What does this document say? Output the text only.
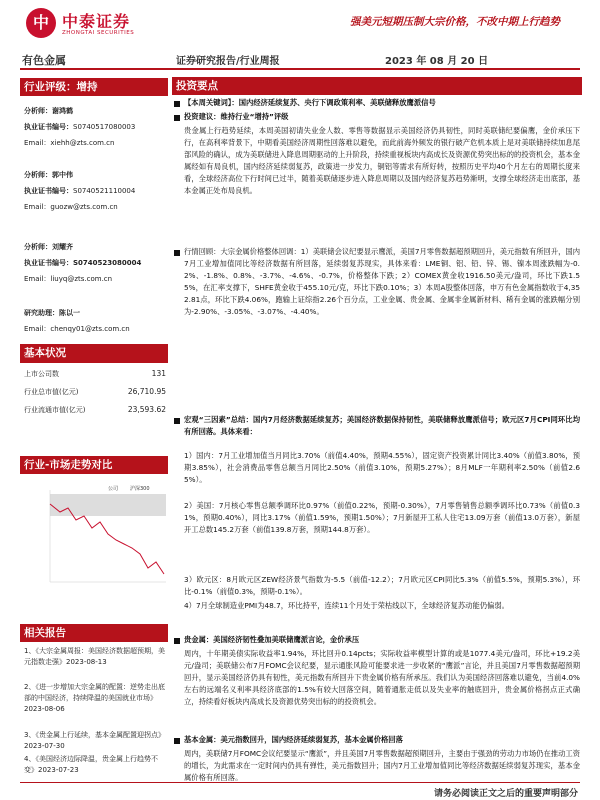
中 中泰证券
ZHONGTAI SECURITIES
强美元短期压制大宗价格，不改中期上行趋势
有色金属	证券研究报告/行业周报	2023 年 08 月 20 日
行业评级：增持
分析师：谢鸿鹤
执业证书编号：S0740517080003
Email：xiehh@zts.com.cn
分析师：郭中伟
执业证书编号：S0740521110004
Email：guozw@zts.com.cn
分析师：刘耀齐
执业证书编号：S0740523080004
Email：liuyq@zts.com.cn
研究助理：陈以一
Email：chenqy01@zts.com.cn
基本状况
上市公司数	131
行业总市值(亿元)	26,710.95
行业流通市值(亿元)	23,593.62
行业-市场走势对比
公司 沪深300
相关报告
1、《大宗金属周报：美国经济数据超预期，美元指数走强》2023-08-13
2、《进一步增加大宗金属的配置：逆势走出底部的中国经济，持续降温的美国就业市场》2023-08-06
3、《贵金属上行延续，基本金属配置迎拐点》2023-07-30
4、《美国经济边际降温，贵金属上行趋势不变》2023-07-23
投资要点
【本周关键词】：国内经济延续复苏、央行下调政策利率、美联储释放鹰派信号
投资建议：维持行业“增持”评级
贵金属上行趋势延续，本周美国初请失业金人数、零售等数据显示美国经济仍具韧性，同时美联储纪要偏鹰，金价承压下行，在高利率背景下，中期看美国经济周期性回落难以避免，而此前海外频发的银行破产危机本质上是对美联储持续加息尾部风险的确认，成为美联储进入降息周期驱动的上升阶段，持续重视板块内高成长及资源优势突出标的的投资机会，基本金属经如有局良机，国内经济延续弱复苏，政策进一步发力，铜铝等需求有所好转，按照历史平均40个月左右的周期长度来看，全球经济高位下行时间已过半，随着美联储逐步进入降息周期以及国内经济复苏趋势渐明，支撑全球经济走出底部，基本金属正处布局良机。
行情回顾：大宗金属价格整体回调：1）美联储会议纪要显示鹰派，美国7月零售数据超预期回升，美元指数有所回升，国内7月工业增加值同比等经济数据有所回落，延续弱复苏现实，具体来看：LME铜、铝、铅、锌、锡、镍本周涨跌幅为-0.2%、-1.8%、0.8%、-3.7%、-4.6%、-0.7%，价格整体下跌；2）COMEX黄金收1916.50美元/盎司，环比下跌1.55%，在汇率支撑下，SHFE黄金收于455.10元/克，环比下跌0.10%；3）本周A股整体回落，申万有色金属指数收于4,352.81点，环比下跌4.06%，跑输上证综指2.26个百分点，工业金属、贵金属、金属非金属新材料、稀有金属的涨跌幅分别为-2.90%、-3.05%、-3.07%、-4.40%。
宏观“三因素”总结：国内7月经济数据延续复苏；美国经济数据保持韧性，美联储释放鹰派信号；欧元区7月CPI同环比均有所回落。具体来看：
1）国内：7月工业增加值当月同比3.70%（前值4.40%，预期4.55%），固定资产投资累计同比3.40%（前值3.80%，预期3.85%），社会消费品零售总额当月同比2.50%（前值3.10%，预期5.27%）；8月MLF一年期利率2.50%（前值2.65%）。
2）美国：7月核心零售总额季调环比0.97%（前值0.22%，预期-0.30%），7月零售销售总额季调环比0.73%（前值0.31%，预期0.40%），同比3.17%（前值1.59%，预期1.50%）；7月新屋开工私人住宅13.09万套（前值13.0万套），新屋开工总数145.2万套（前值139.8万套，预期144.8万套）。
3）欧元区：8月欧元区ZEW经济景气指数为-5.5（前值-12.2）；7月欧元区CPI同比5.3%（前值5.5%，预期5.3%），环比-0.1%（前值0.3%，预期-0.1%）。
4）7月全球制造业PMI为48.7，环比持平，连续11个月处于荣枯线以下，全球经济复苏动能仍偏弱。
贵金属：美国经济韧性叠加美联储鹰派言论，金价承压
周内，十年期美债实际收益率1.94%，环比回升0.14pcts；实际收益率模型计算的或是1077.4美元/盎司，环比+19.2美元/盎司；美联储公布7月FOMC会议纪要，显示通胀风险可能要求进一步收紧的“鹰派”言论，并且美国7月零售数据超预期回升，显示美国经济仍具有韧性，美元指数有所回升下贵金属价格有所承压。我们认为美国经济回落难以避免，当前4.0%左右的远端名义利率具经济底部的1.5%有较大回落空间，随着通胀走低以及失业率的触底回升，贵金属价格拐点正式确立，持续看好板块内高成长及资源优势突出标的的投资机会。
基本金属：美元指数回升，国内经济延续弱复苏，基本金属价格回落
周内，美联储7月FOMC会议纪要显示“鹰派”，并且美国7月零售数据超预期回升，主要由于强劲的劳动力市场仍在推动工资的增长，为此需求在一定时间内仍具有弹性，美元指数回升；国内7月工业增加值同比等经济数据延续弱复苏现实，基本金属价格有所回落。
请务必阅读正文之后的重要声明部分
